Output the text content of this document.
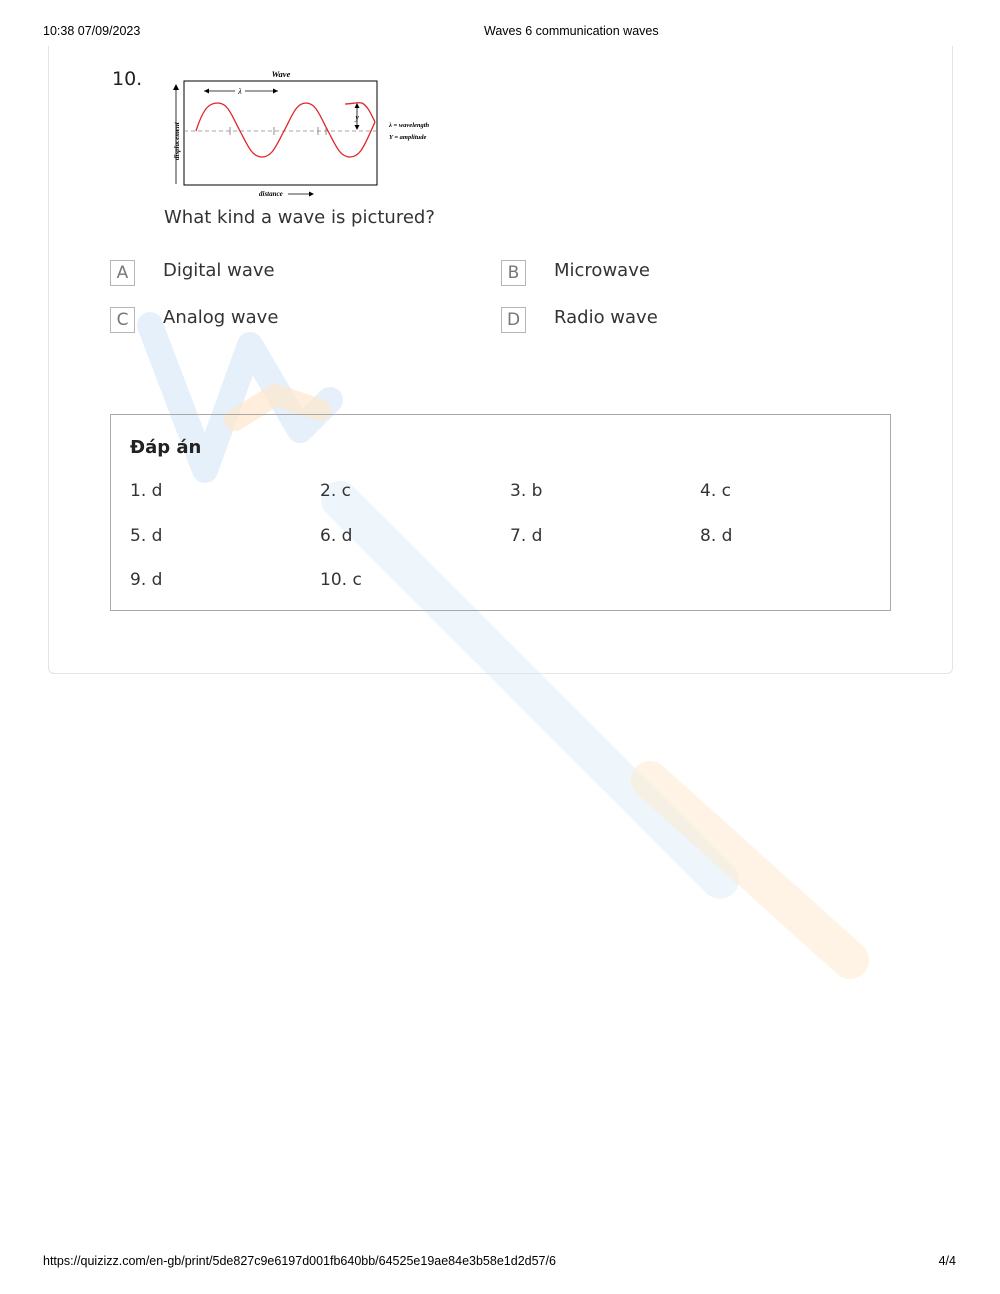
10:38 07/09/2023	Waves 6 communication waves
10.	Wave
displacement
λ
y
λ = wavelength
Y = amplitude
distance
What kind a wave is pictured?
A	Digital wave	B	Microwave
C	Analog wave	D	Radio wave
Đáp án
1. d	2. c	3. b	4. c
5. d	6. d	7. d	8. d
9. d	10. c
https://quizizz.com/en-gb/print/5de827c9e6197d001fb640bb/64525e19ae84e3b58e1d2d57/6	4/4
